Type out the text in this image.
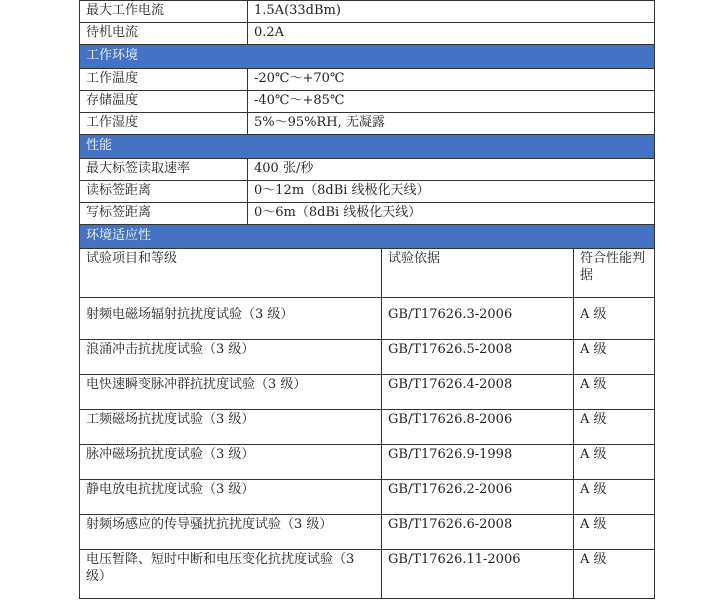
最大工作电流	1.5A(33dBm)
待机电流	0.2A
工作环境	
工作温度	-20℃～+70℃
存储温度	-40℃～+85℃
工作湿度	5%～95%RH, 无凝露
性能	
最大标签读取速率	400 张/秒
读标签距离	0～12m（8dBi 线极化天线）
写标签距离	0～6m（8dBi 线极化天线）
环境适应性	
试验项目和等级	试验依据	符合性能判据
射频电磁场辐射抗扰度试验（3 级）	GB/T17626.3-2006	A 级
浪涌冲击抗扰度试验（3 级）	GB/T17626.5-2008	A 级
电快速瞬变脉冲群抗扰度试验（3 级）	GB/T17626.4-2008	A 级
工频磁场抗扰度试验（3 级）	GB/T17626.8-2006	A 级
脉冲磁场抗扰度试验（3 级）	GB/T17626.9-1998	A 级
静电放电抗扰度试验（3 级）	GB/T17626.2-2006	A 级
射频场感应的传导骚扰抗扰度试验（3 级）	GB/T17626.6-2008	A 级
电压暂降、短时中断和电压变化抗扰度试验（3 级）	GB/T17626.11-2006	A 级
